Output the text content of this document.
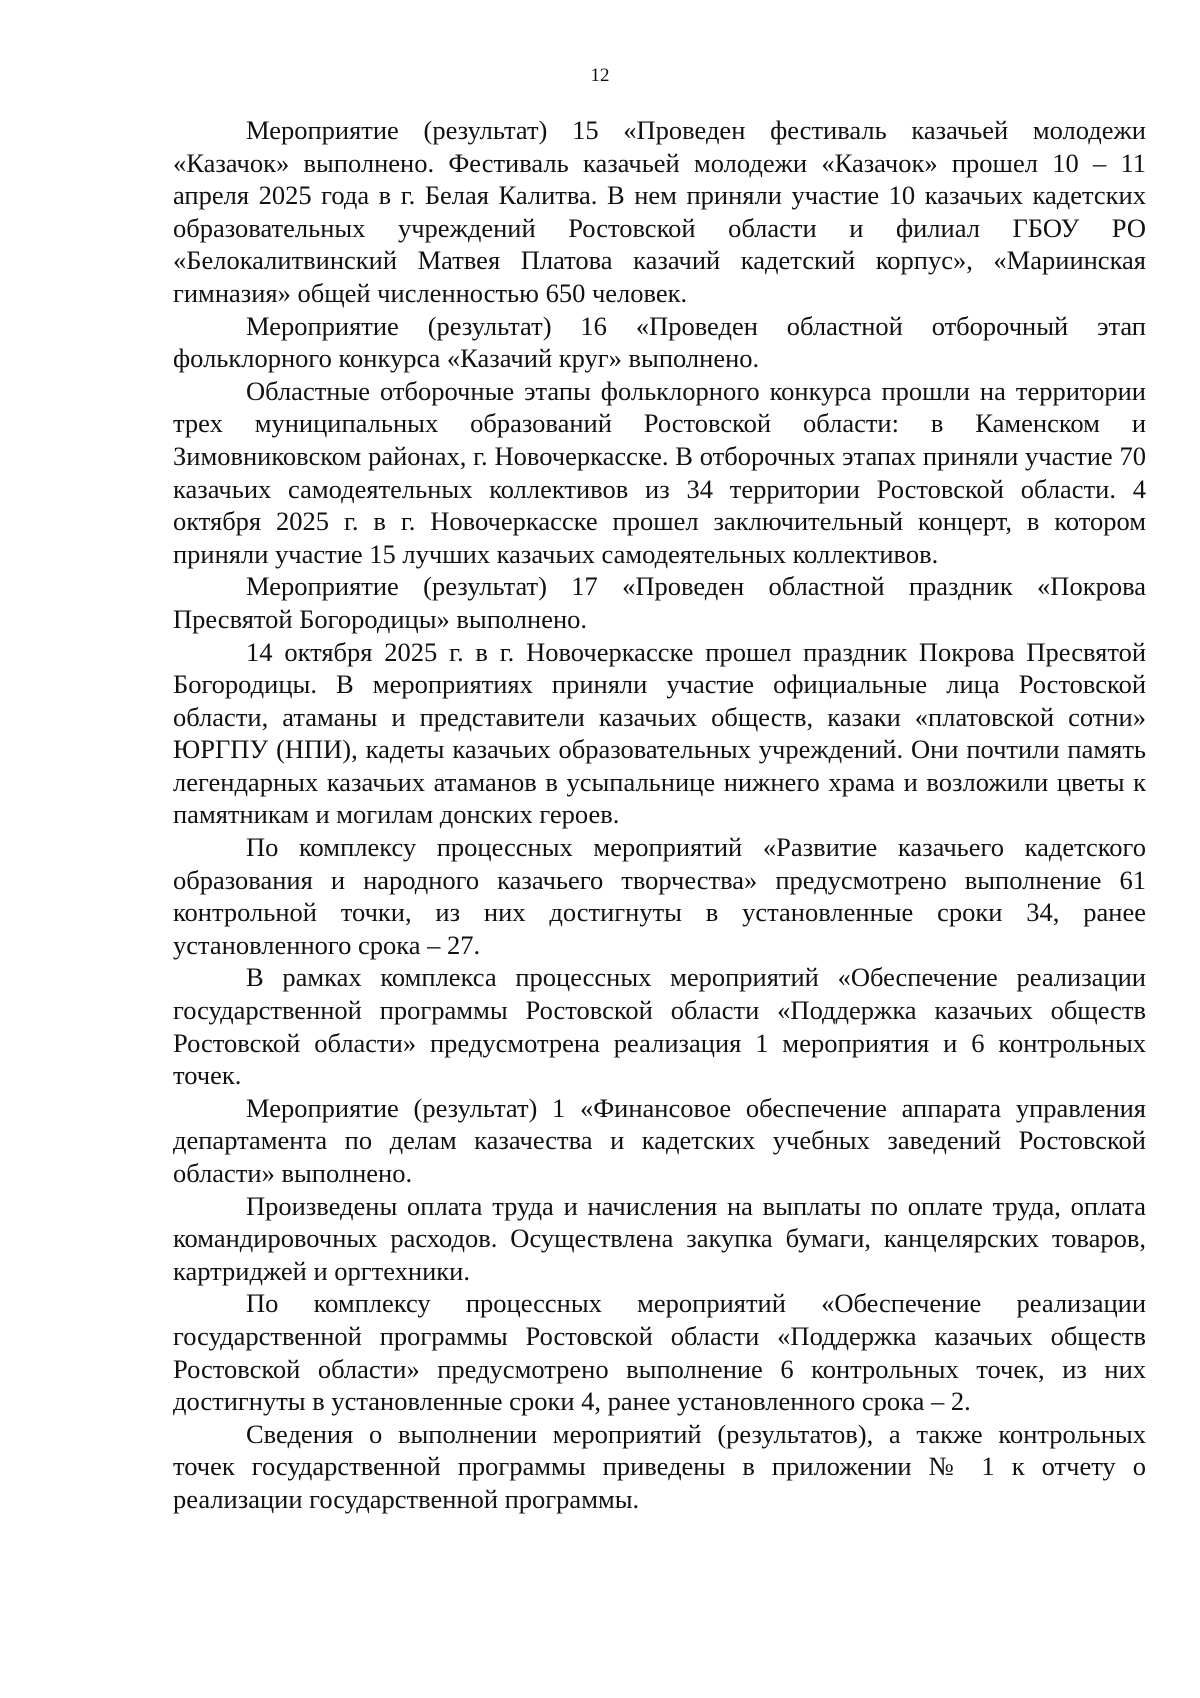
12

Мероприятие (результат) 15 «Проведен фестиваль казачьей молодежи «Казачок» выполнено. Фестиваль казачьей молодежи «Казачок» прошел 10 – 11 апреля 2025 года в г. Белая Калитва. В нем приняли участие 10 казачьих кадетских образовательных учреждений Ростовской области и филиал ГБОУ РО «Белокалитвинский Матвея Платова казачий кадетский корпус», «Мариинская гимназия» общей численностью 650 человек.

Мероприятие (результат) 16 «Проведен областной отборочный этап фольклорного конкурса «Казачий круг» выполнено.

Областные отборочные этапы фольклорного конкурса прошли на территории трех муниципальных образований Ростовской области: в Каменском и Зимовниковском районах, г. Новочеркасске. В отборочных этапах приняли участие 70 казачьих самодеятельных коллективов из 34 территории Ростовской области. 4 октября 2025 г. в г. Новочеркасске прошел заключительный концерт, в котором приняли участие 15 лучших казачьих самодеятельных коллективов.

Мероприятие (результат) 17 «Проведен областной праздник «Покрова Пресвятой Богородицы» выполнено.

14 октября 2025 г. в г. Новочеркасске прошел праздник Покрова Пресвятой Богородицы. В мероприятиях приняли участие официальные лица Ростовской области, атаманы и представители казачьих обществ, казаки «платовской сотни» ЮРГПУ (НПИ), кадеты казачьих образовательных учреждений. Они почтили память легендарных казачьих атаманов в усыпальнице нижнего храма и возложили цветы к памятникам и могилам донских героев.

По комплексу процессных мероприятий «Развитие казачьего кадетского образования и народного казачьего творчества» предусмотрено выполнение 61 контрольной точки, из них достигнуты в установленные сроки 34, ранее установленного срока – 27.

В рамках комплекса процессных мероприятий «Обеспечение реализации государственной программы Ростовской области «Поддержка казачьих обществ Ростовской области» предусмотрена реализация 1 мероприятия и 6 контрольных точек.

Мероприятие (результат) 1 «Финансовое обеспечение аппарата управления департамента по делам казачества и кадетских учебных заведений Ростовской области» выполнено.

Произведены оплата труда и начисления на выплаты по оплате труда, оплата командировочных расходов. Осуществлена закупка бумаги, канцелярских товаров, картриджей и оргтехники.

По комплексу процессных мероприятий «Обеспечение реализации государственной программы Ростовской области «Поддержка казачьих обществ Ростовской области» предусмотрено выполнение 6 контрольных точек, из них достигнуты в установленные сроки 4, ранее установленного срока – 2.

Сведения о выполнении мероприятий (результатов), а также контрольных точек государственной программы приведены в приложении № 1 к отчету о реализации государственной программы.
